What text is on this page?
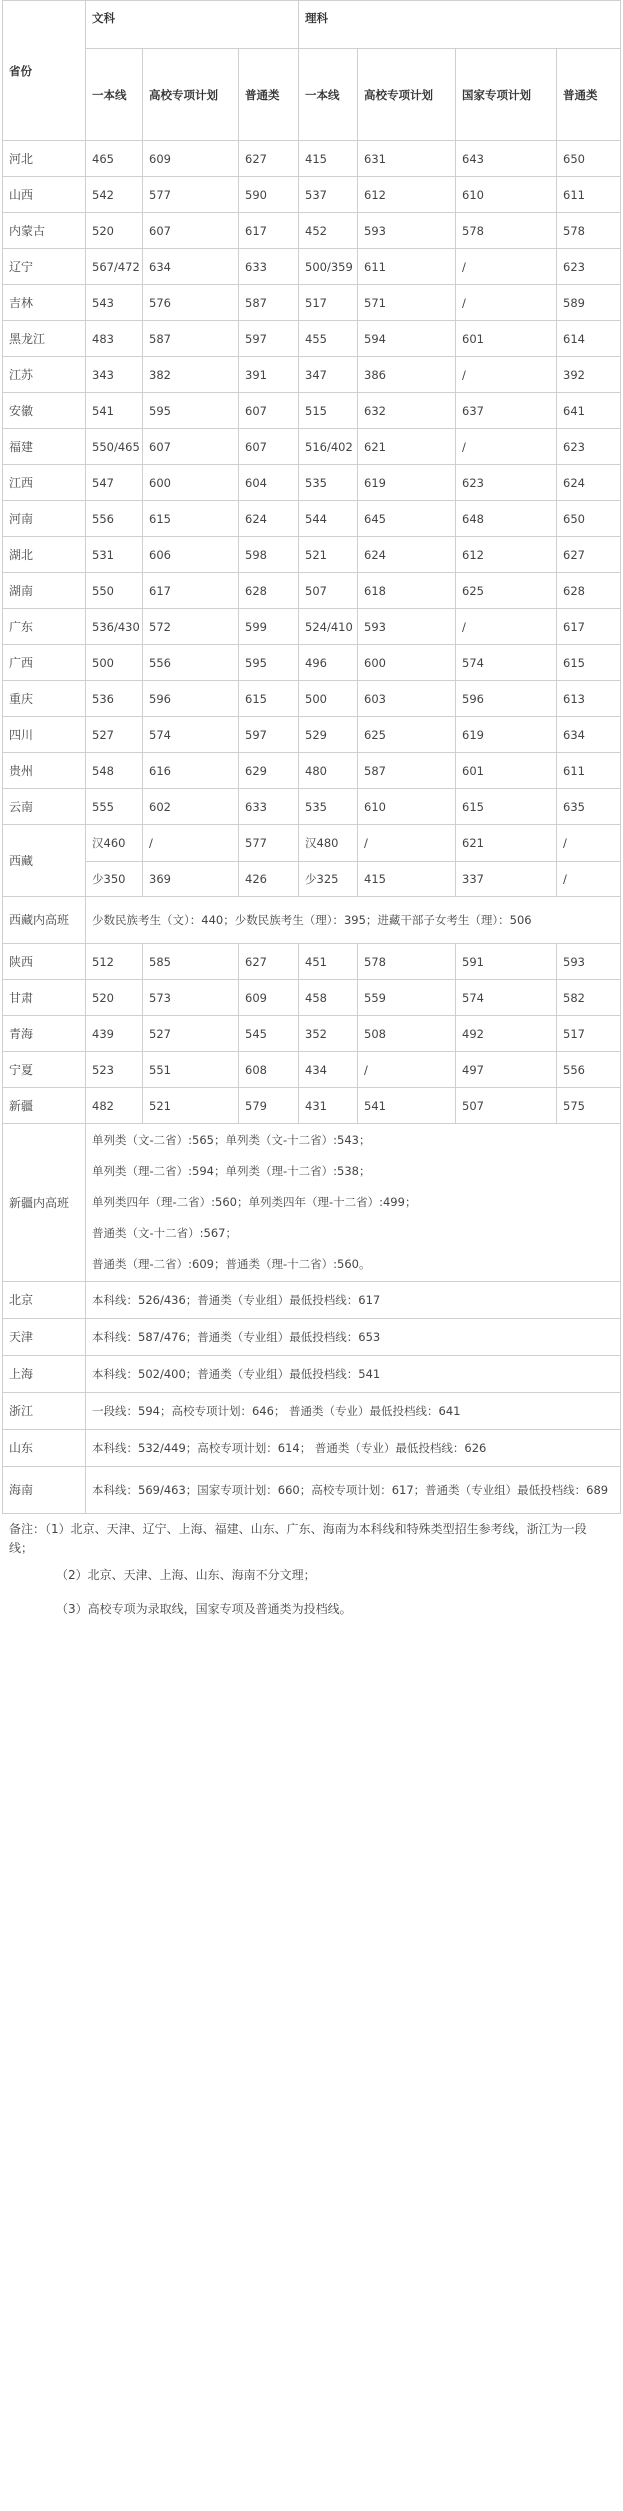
省份	文科			理科			
	一本线	高校专项计划	普通类	一本线	高校专项计划	国家专项计划	普通类
河北	465	609	627	415	631	643	650
山西	542	577	590	537	612	610	611
内蒙古	520	607	617	452	593	578	578
辽宁	567/472	634	633	500/359	611	/	623
吉林	543	576	587	517	571	/	589
黑龙江	483	587	597	455	594	601	614
江苏	343	382	391	347	386	/	392
安徽	541	595	607	515	632	637	641
福建	550/465	607	607	516/402	621	/	623
江西	547	600	604	535	619	623	624
河南	556	615	624	544	645	648	650
湖北	531	606	598	521	624	612	627
湖南	550	617	628	507	618	625	628
广东	536/430	572	599	524/410	593	/	617
广西	500	556	595	496	600	574	615
重庆	536	596	615	500	603	596	613
四川	527	574	597	529	625	619	634
贵州	548	616	629	480	587	601	611
云南	555	602	633	535	610	615	635
西藏	汉460	/	577	汉480	/	621	/
	少350	369	426	少325	415	337	/
西藏内高班	少数民族考生（文）：440；少数民族考生（理）：395；进藏干部子女考生（理）：506						
陕西	512	585	627	451	578	591	593
甘肃	520	573	609	458	559	574	582
青海	439	527	545	352	508	492	517
宁夏	523	551	608	434	/	497	556
新疆	482	521	579	431	541	507	575
新疆内高班	单列类（文-二省）:565；单列类（文-十二省）:543；
单列类（理-二省）:594；单列类（理-十二省）:538；
单列类四年（理-二省）:560；单列类四年（理-十二省）:499；
普通类（文-十二省）:567；
普通类（理-二省）:609；普通类（理-十二省）:560。						

北京	本科线：526/436；普通类（专业组）最低投档线：617						
天津	本科线：587/476；普通类（专业组）最低投档线：653						
上海	本科线：502/400；普通类（专业组）最低投档线：541						
浙江	一段线：594；高校专项计划：646； 普通类（专业）最低投档线：641						
山东	本科线：532/449；高校专项计划：614； 普通类（专业）最低投档线：626						
海南	本科线：569/463；国家专项计划：660；高校专项计划：617；普通类（专业组）最低投档线：689						
备注：（1）北京、天津、辽宁、上海、福建、山东、广东、海南为本科线和特殊类型招生参考线，浙江为一段线；
（2）北京、天津、上海、山东、海南不分文理；
（3）高校专项为录取线，国家专项及普通类为投档线。
